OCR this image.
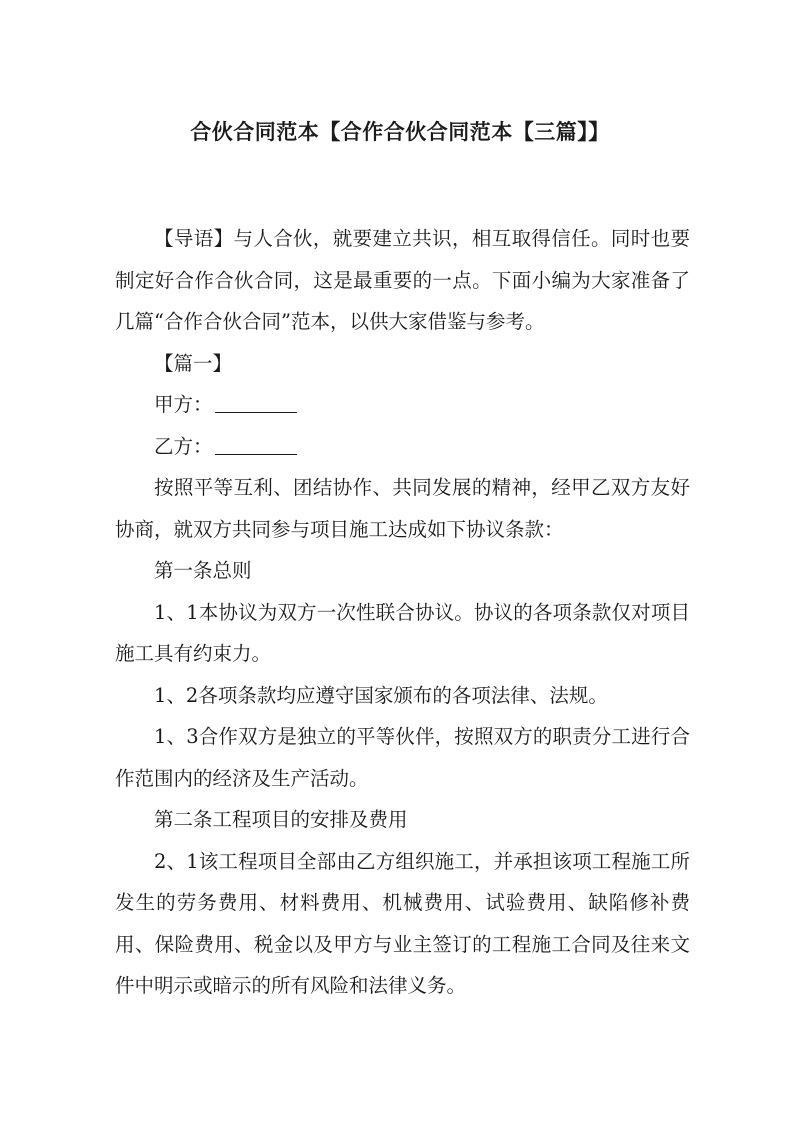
合伙合同范本【合作合伙合同范本【三篇】】

【导语】与人合伙，就要建立共识，相互取得信任。同时也要制定好合作合伙合同，这是最重要的一点。下面小编为大家准备了几篇“合作合伙合同”范本，以供大家借鉴与参考。

【篇一】

甲方：

乙方：

按照平等互利、团结协作、共同发展的精神，经甲乙双方友好协商，就双方共同参与项目施工达成如下协议条款：

第一条总则

1、1本协议为双方一次性联合协议。协议的各项条款仅对项目施工具有约束力。

1、2各项条款均应遵守国家颁布的各项法律、法规。

1、3合作双方是独立的平等伙伴，按照双方的职责分工进行合作范围内的经济及生产活动。

第二条工程项目的安排及费用

2、1该工程项目全部由乙方组织施工，并承担该项工程施工所发生的劳务费用、材料费用、机械费用、试验费用、缺陷修补费用、保险费用、税金以及甲方与业主签订的工程施工合同及往来文件中明示或暗示的所有风险和法律义务。
